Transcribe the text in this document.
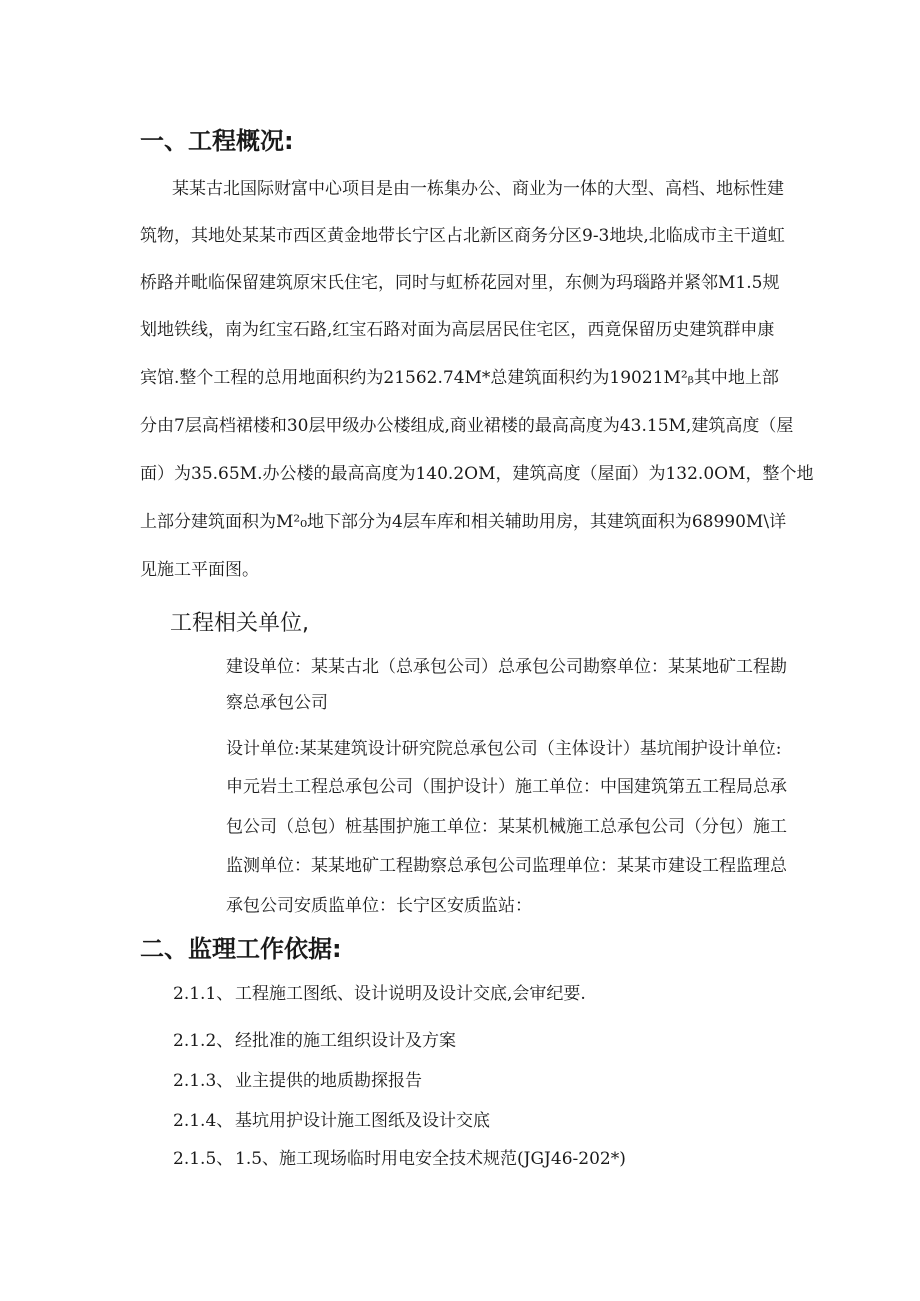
一、工程概况:
某某古北国际财富中心项目是由一栋集办公、商业为一体的大型、高档、地标性建
筑物，其地处某某市西区黄金地带长宁区占北新区商务分区9-3地块,北临成市主干道虹
桥路并毗临保留建筑原宋氏住宅，同时与虹桥花园对里，东侧为玛瑙路并紧邻M1.5规
划地铁线，南为红宝石路,红宝石路对面为高层居民住宅区，西竟保留历史建筑群申康
宾馆.整个工程的总用地面积约为21562.74M*总建筑面积约为19021M²ᵦ其中地上部
分由7层高档裙楼和30层甲级办公楼组成,商业裙楼的最高高度为43.15M,建筑高度（屋
面）为35.65M.办公楼的最高高度为140.2OM，建筑高度（屋面）为132.0OM，整个地
上部分建筑面积为M²₀地下部分为4层车库和相关辅助用房，其建筑面积为68990M\详
见施工平面图。
工程相关单位,
建设单位：某某古北（总承包公司）总承包公司勘察单位：某某地矿工程勘
察总承包公司
设计单位:某某建筑设计研究院总承包公司（主体设计）基坑闱护设计单位:
申元岩土工程总承包公司（围护设计）施工单位：中国建筑第五工程局总承
包公司（总包）桩基围护施工单位：某某机械施工总承包公司（分包）施工
监测单位：某某地矿工程勘察总承包公司监理单位：某某市建设工程监理总
承包公司安质监单位：长宁区安质监站：
二、监理工作依据:
2.1.1、 工程施工图纸、设计说明及设计交底,会审纪要.
2.1.2、 经批准的施工组织设计及方案
2.1.3、 业主提供的地质勘探报告
2.1.4、 基坑用护设计施工图纸及设计交底
2.1.5、 1.5、施工现场临时用电安全技术规范(JGJ46-202*)
